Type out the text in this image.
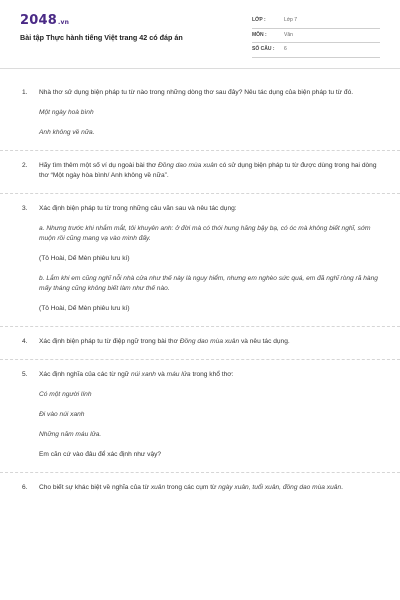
2048.vn
Bài tập Thực hành tiếng Việt trang 42 có đáp án
LỚP :	Lớp 7
MÔN :	Văn
SỐ CÂU : 6
1. Nhà thơ sử dụng biện pháp tu từ nào trong những dòng thơ sau đây? Nêu tác dụng của biện pháp tu từ đó.
Một ngày hoà bình
Anh không về nữa.
2. Hãy tìm thêm một số ví dụ ngoài bài thơ Đồng dao mùa xuân có sử dụng biện pháp tu từ được dùng trong hai dòng thơ “Một ngày hòa bình/ Anh không về nữa”.
3. Xác định biện pháp tu từ trong những câu văn sau và nêu tác dụng:
a. Nhưng trước khi nhắm mắt, tôi khuyên anh: ở đời mà có thói hung hăng bậy bạ, có óc mà không biết nghĩ, sớm muộn rồi cũng mang vạ vào mình đấy.
(Tô Hoài, Dế Mèn phiêu lưu kí)
b. Lắm khi em cũng nghĩ nỗi nhà cửa như thế này là nguy hiểm, nhưng em nghèo sức quá, em đã nghĩ ròng rã hàng mấy tháng cũng không biết làm như thế nào.
(Tô Hoài, Dế Mèn phiêu lưu kí)
4. Xác định biện pháp tu từ điệp ngữ trong bài thơ Đồng dao mùa xuân và nêu tác dụng.
5. Xác định nghĩa của các từ ngữ núi xanh và máu lửa trong khổ thơ:
Có một người lính
Đi vào núi xanh
Những năm máu lửa.
Em căn cứ vào đâu để xác định như vậy?
6. Cho biết sự khác biệt về nghĩa của từ xuân trong các cụm từ ngày xuân, tuổi xuân, đồng dao mùa xuân.
